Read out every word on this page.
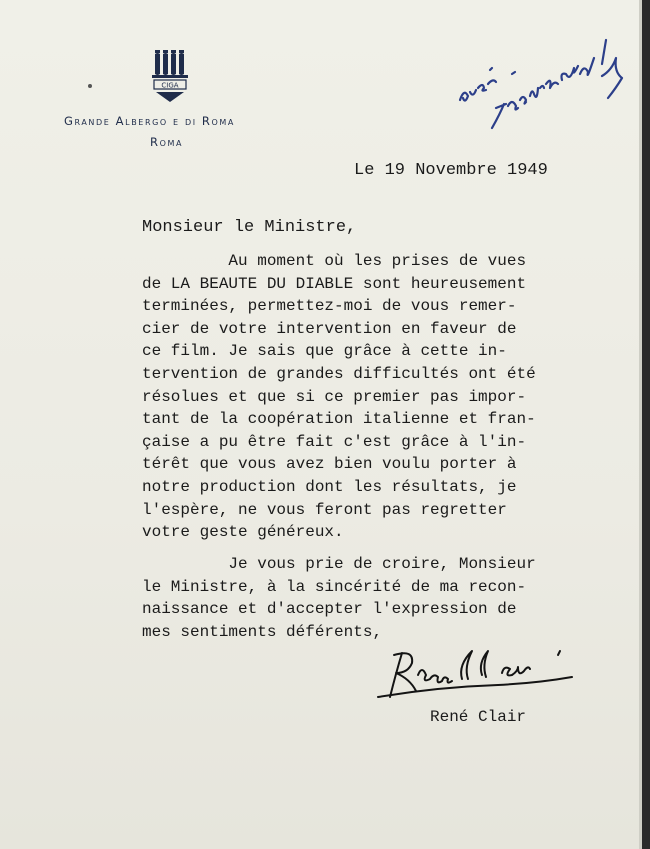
CIGA
Grande Albergo e di Roma
Roma
Le 19 Novembre 1949
Monsieur le Ministre,
Au moment où les prises de vues
de LA BEAUTE DU DIABLE sont heureusement
terminées, permettez-moi de vous remer-
cier de votre intervention en faveur de
ce film. Je sais que grâce à cette in-
tervention de grandes difficultés ont été
résolues et que si ce premier pas impor-
tant de la coopération italienne et fran-
çaise a pu être fait c'est grâce à l'in-
térêt que vous avez bien voulu porter à
notre production dont les résultats, je
l'espère, ne vous feront pas regretter
votre geste généreux.
Je vous prie de croire, Monsieur
le Ministre, à la sincérité de ma recon-
naissance et d'accepter l'expression de
mes sentiments déférents,
René Clair
